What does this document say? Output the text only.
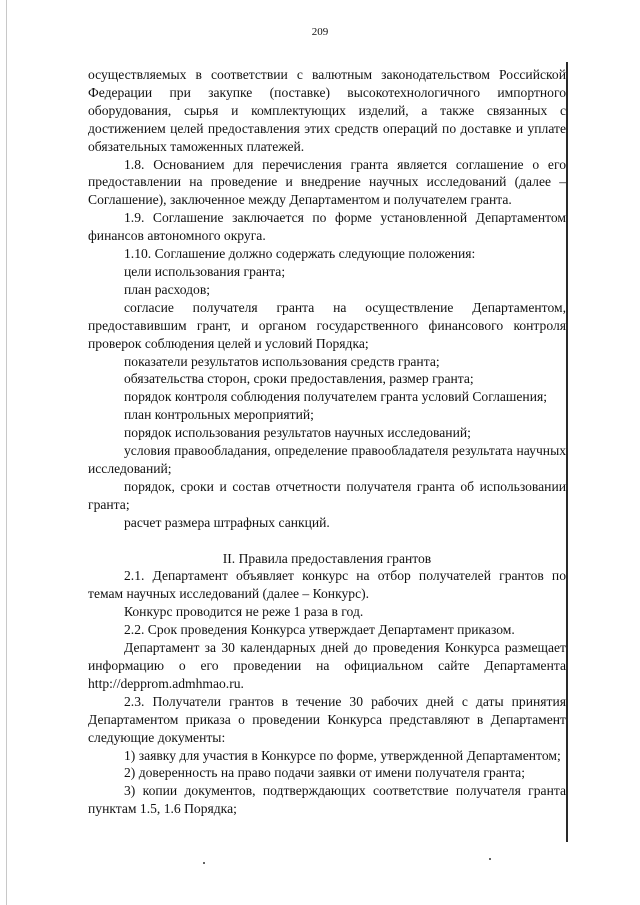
209

осуществляемых в соответствии с валютным законодательством Российской Федерации при закупке (поставке) высокотехнологичного импортного оборудования, сырья и комплектующих изделий, а также связанных с достижением целей предоставления этих средств операций по доставке и уплате обязательных таможенных платежей.

1.8. Основанием для перечисления гранта является соглашение о его предоставлении на проведение и внедрение научных исследований (далее – Соглашение), заключенное между Департаментом и получателем гранта.

1.9. Соглашение заключается по форме установленной Департаментом финансов автономного округа.

1.10. Соглашение должно содержать следующие положения:

цели использования гранта;

план расходов;

согласие получателя гранта на осуществление Департаментом, предоставившим грант, и органом государственного финансового контроля проверок соблюдения целей и условий Порядка;

показатели результатов использования средств гранта;

обязательства сторон, сроки предоставления, размер гранта;

порядок контроля соблюдения получателем гранта условий Соглашения;

план контрольных мероприятий;

порядок использования результатов научных исследований;

условия правообладания, определение правообладателя результата научных исследований;

порядок, сроки и состав отчетности получателя гранта об использовании гранта;

расчет размера штрафных санкций.

II. Правила предоставления грантов

2.1. Департамент объявляет конкурс на отбор получателей грантов по темам научных исследований (далее – Конкурс).

Конкурс проводится не реже 1 раза в год.

2.2. Срок проведения Конкурса утверждает Департамент приказом.

Департамент за 30 календарных дней до проведения Конкурса размещает информацию о его проведении на официальном сайте Департамента http://depprom.admhmao.ru.

2.3. Получатели грантов в течение 30 рабочих дней с даты принятия Департаментом приказа о проведении Конкурса представляют в Департамент следующие документы:

1) заявку для участия в Конкурсе по форме, утвержденной Департаментом;

2) доверенность на право подачи заявки от имени получателя гранта;

3) копии документов, подтверждающих соответствие получателя гранта пунктам 1.5, 1.6 Порядка;
